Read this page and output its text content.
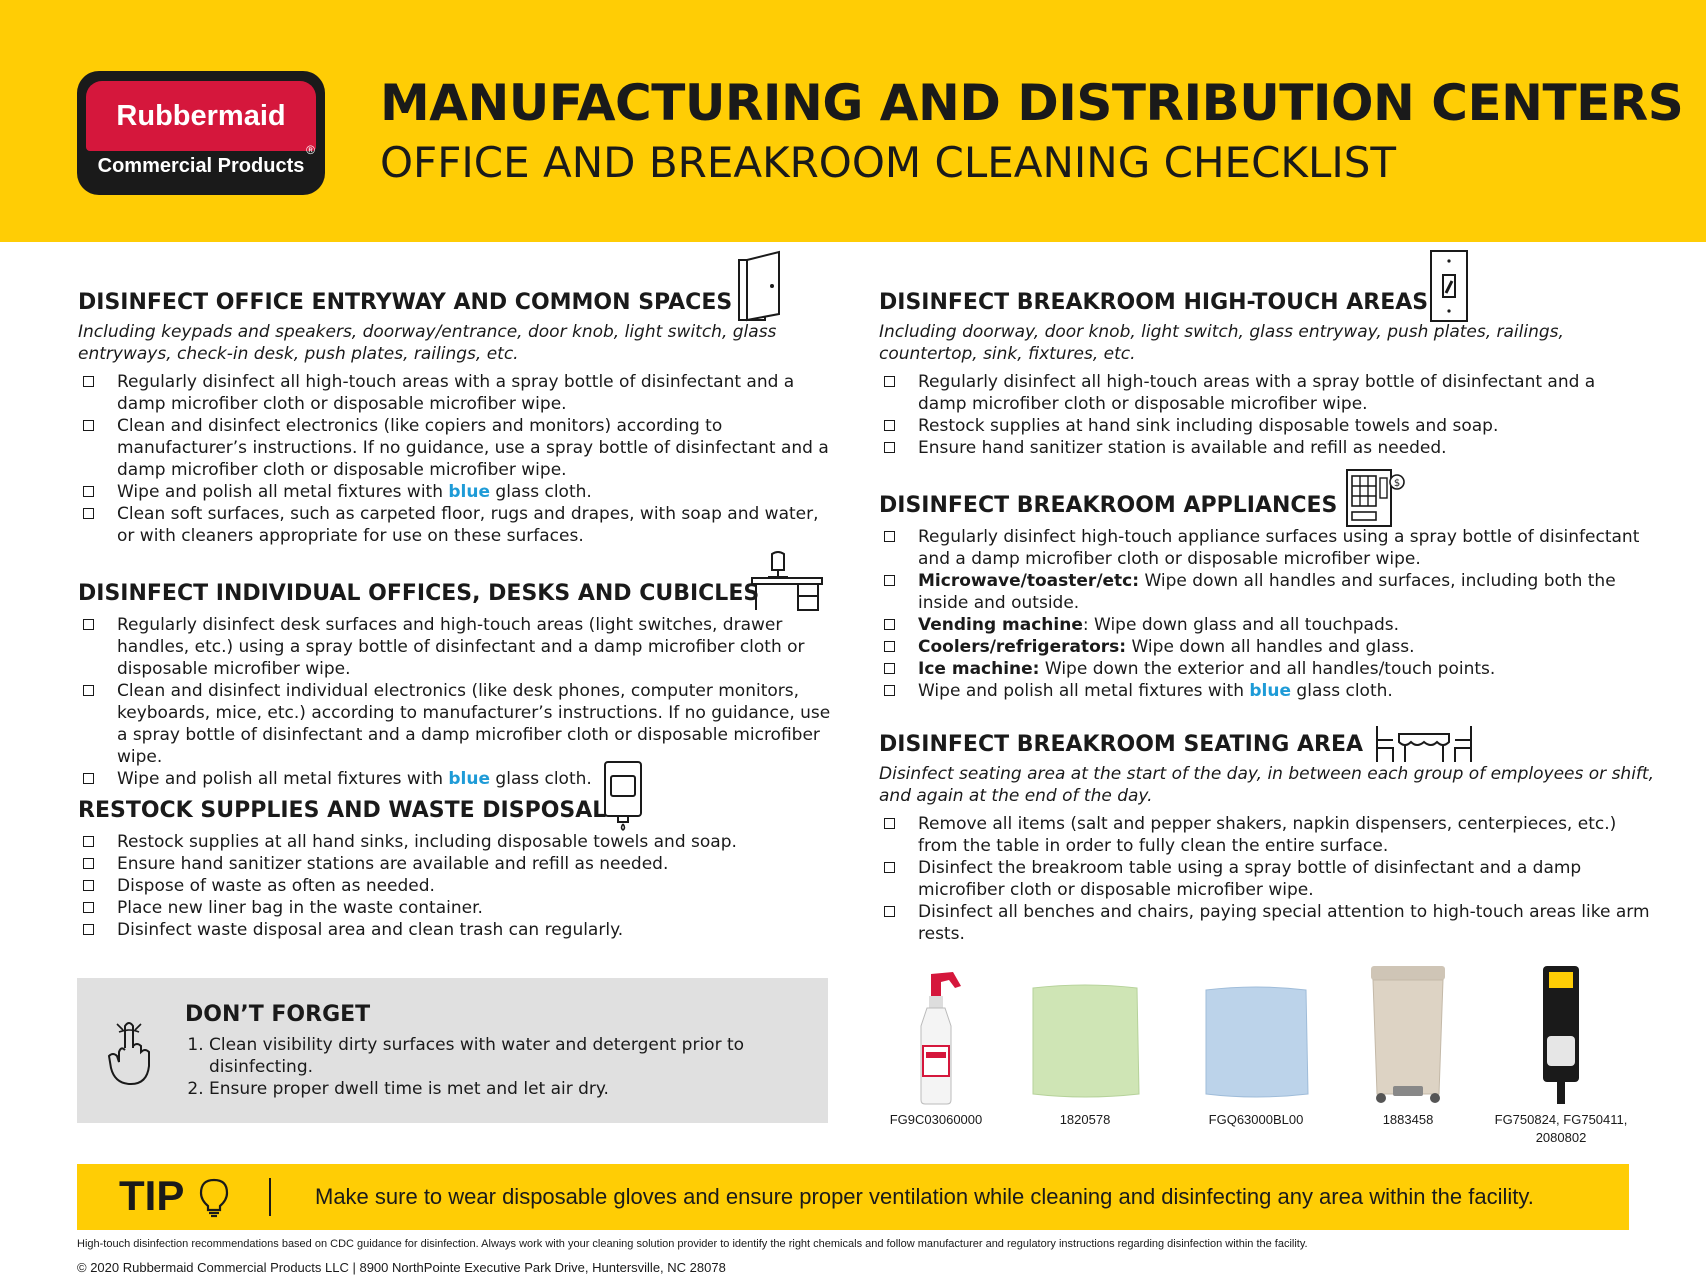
Rubbermaid
®
Commercial Products
MANUFACTURING AND DISTRIBUTION CENTERS
OFFICE AND BREAKROOM CLEANING CHECKLIST
DISINFECT OFFICE ENTRYWAY AND COMMON SPACES
Including keypads and speakers, doorway/entrance, door knob, light switch, glass entryways, check-in desk, push plates, railings, etc.
Regularly disinfect all high-touch areas with a spray bottle of disinfectant and a damp microfiber cloth or disposable microfiber wipe.
Clean and disinfect electronics (like copiers and monitors) according to manufacturer’s instructions. If no guidance, use a spray bottle of disinfectant and a damp microfiber cloth or disposable microfiber wipe.
Wipe and polish all metal fixtures with blue glass cloth.
Clean soft surfaces, such as carpeted floor, rugs and drapes, with soap and water, or with cleaners appropriate for use on these surfaces.
DISINFECT INDIVIDUAL OFFICES, DESKS AND CUBICLES
Regularly disinfect desk surfaces and high-touch areas (light switches, drawer handles, etc.) using a spray bottle of disinfectant and a damp microfiber cloth or disposable microfiber wipe.
Clean and disinfect individual electronics (like desk phones, computer monitors, keyboards, mice, etc.) according to manufacturer’s instructions. If no guidance, use a spray bottle of disinfectant and a damp microfiber cloth or disposable microfiber wipe.
Wipe and polish all metal fixtures with blue glass cloth.
RESTOCK SUPPLIES AND WASTE DISPOSAL
Restock supplies at all hand sinks, including disposable towels and soap.
Ensure hand sanitizer stations are available and refill as needed.
Dispose of waste as often as needed.
Place new liner bag in the waste container.
Disinfect waste disposal area and clean trash can regularly.
DON’T FORGET
1. Clean visibility dirty surfaces with water and detergent prior to disinfecting.
2. Ensure proper dwell time is met and let air dry.
DISINFECT BREAKROOM HIGH-TOUCH AREAS
Including doorway, door knob, light switch, glass entryway, push plates, railings, countertop, sink, fixtures, etc.
Regularly disinfect all high-touch areas with a spray bottle of disinfectant and a damp microfiber cloth or disposable microfiber wipe.
Restock supplies at hand sink including disposable towels and soap.
Ensure hand sanitizer station is available and refill as needed.
$
DISINFECT BREAKROOM APPLIANCES
Regularly disinfect high-touch appliance surfaces using a spray bottle of disinfectant and a damp microfiber cloth or disposable microfiber wipe.
Microwave/toaster/etc: Wipe down all handles and surfaces, including both the inside and outside.
Vending machine: Wipe down glass and all touchpads.
Coolers/refrigerators: Wipe down all handles and glass.
Ice machine: Wipe down the exterior and all handles/touch points.
Wipe and polish all metal fixtures with blue glass cloth.
DISINFECT BREAKROOM SEATING AREA
Disinfect seating area at the start of the day, in between each group of employees or shift, and again at the end of the day.
Remove all items (salt and pepper shakers, napkin dispensers, centerpieces, etc.) from the table in order to fully clean the entire surface.
Disinfect the breakroom table using a spray bottle of disinfectant and a damp microfiber cloth or disposable microfiber wipe.
Disinfect all benches and chairs, paying special attention to high-touch areas like arm rests.
FG9C03060000	1820578	FGQ63000BL00	1883458	FG750824, FG750411, 2080802
TIP	Make sure to wear disposable gloves and ensure proper ventilation while cleaning and disinfecting any area within the facility.
High-touch disinfection recommendations based on CDC guidance for disinfection. Always work with your cleaning solution provider to identify the right chemicals and follow manufacturer and regulatory instructions regarding disinfection within the facility.
© 2020 Rubbermaid Commercial Products LLC | 8900 NorthPointe Executive Park Drive, Huntersville, NC 28078
